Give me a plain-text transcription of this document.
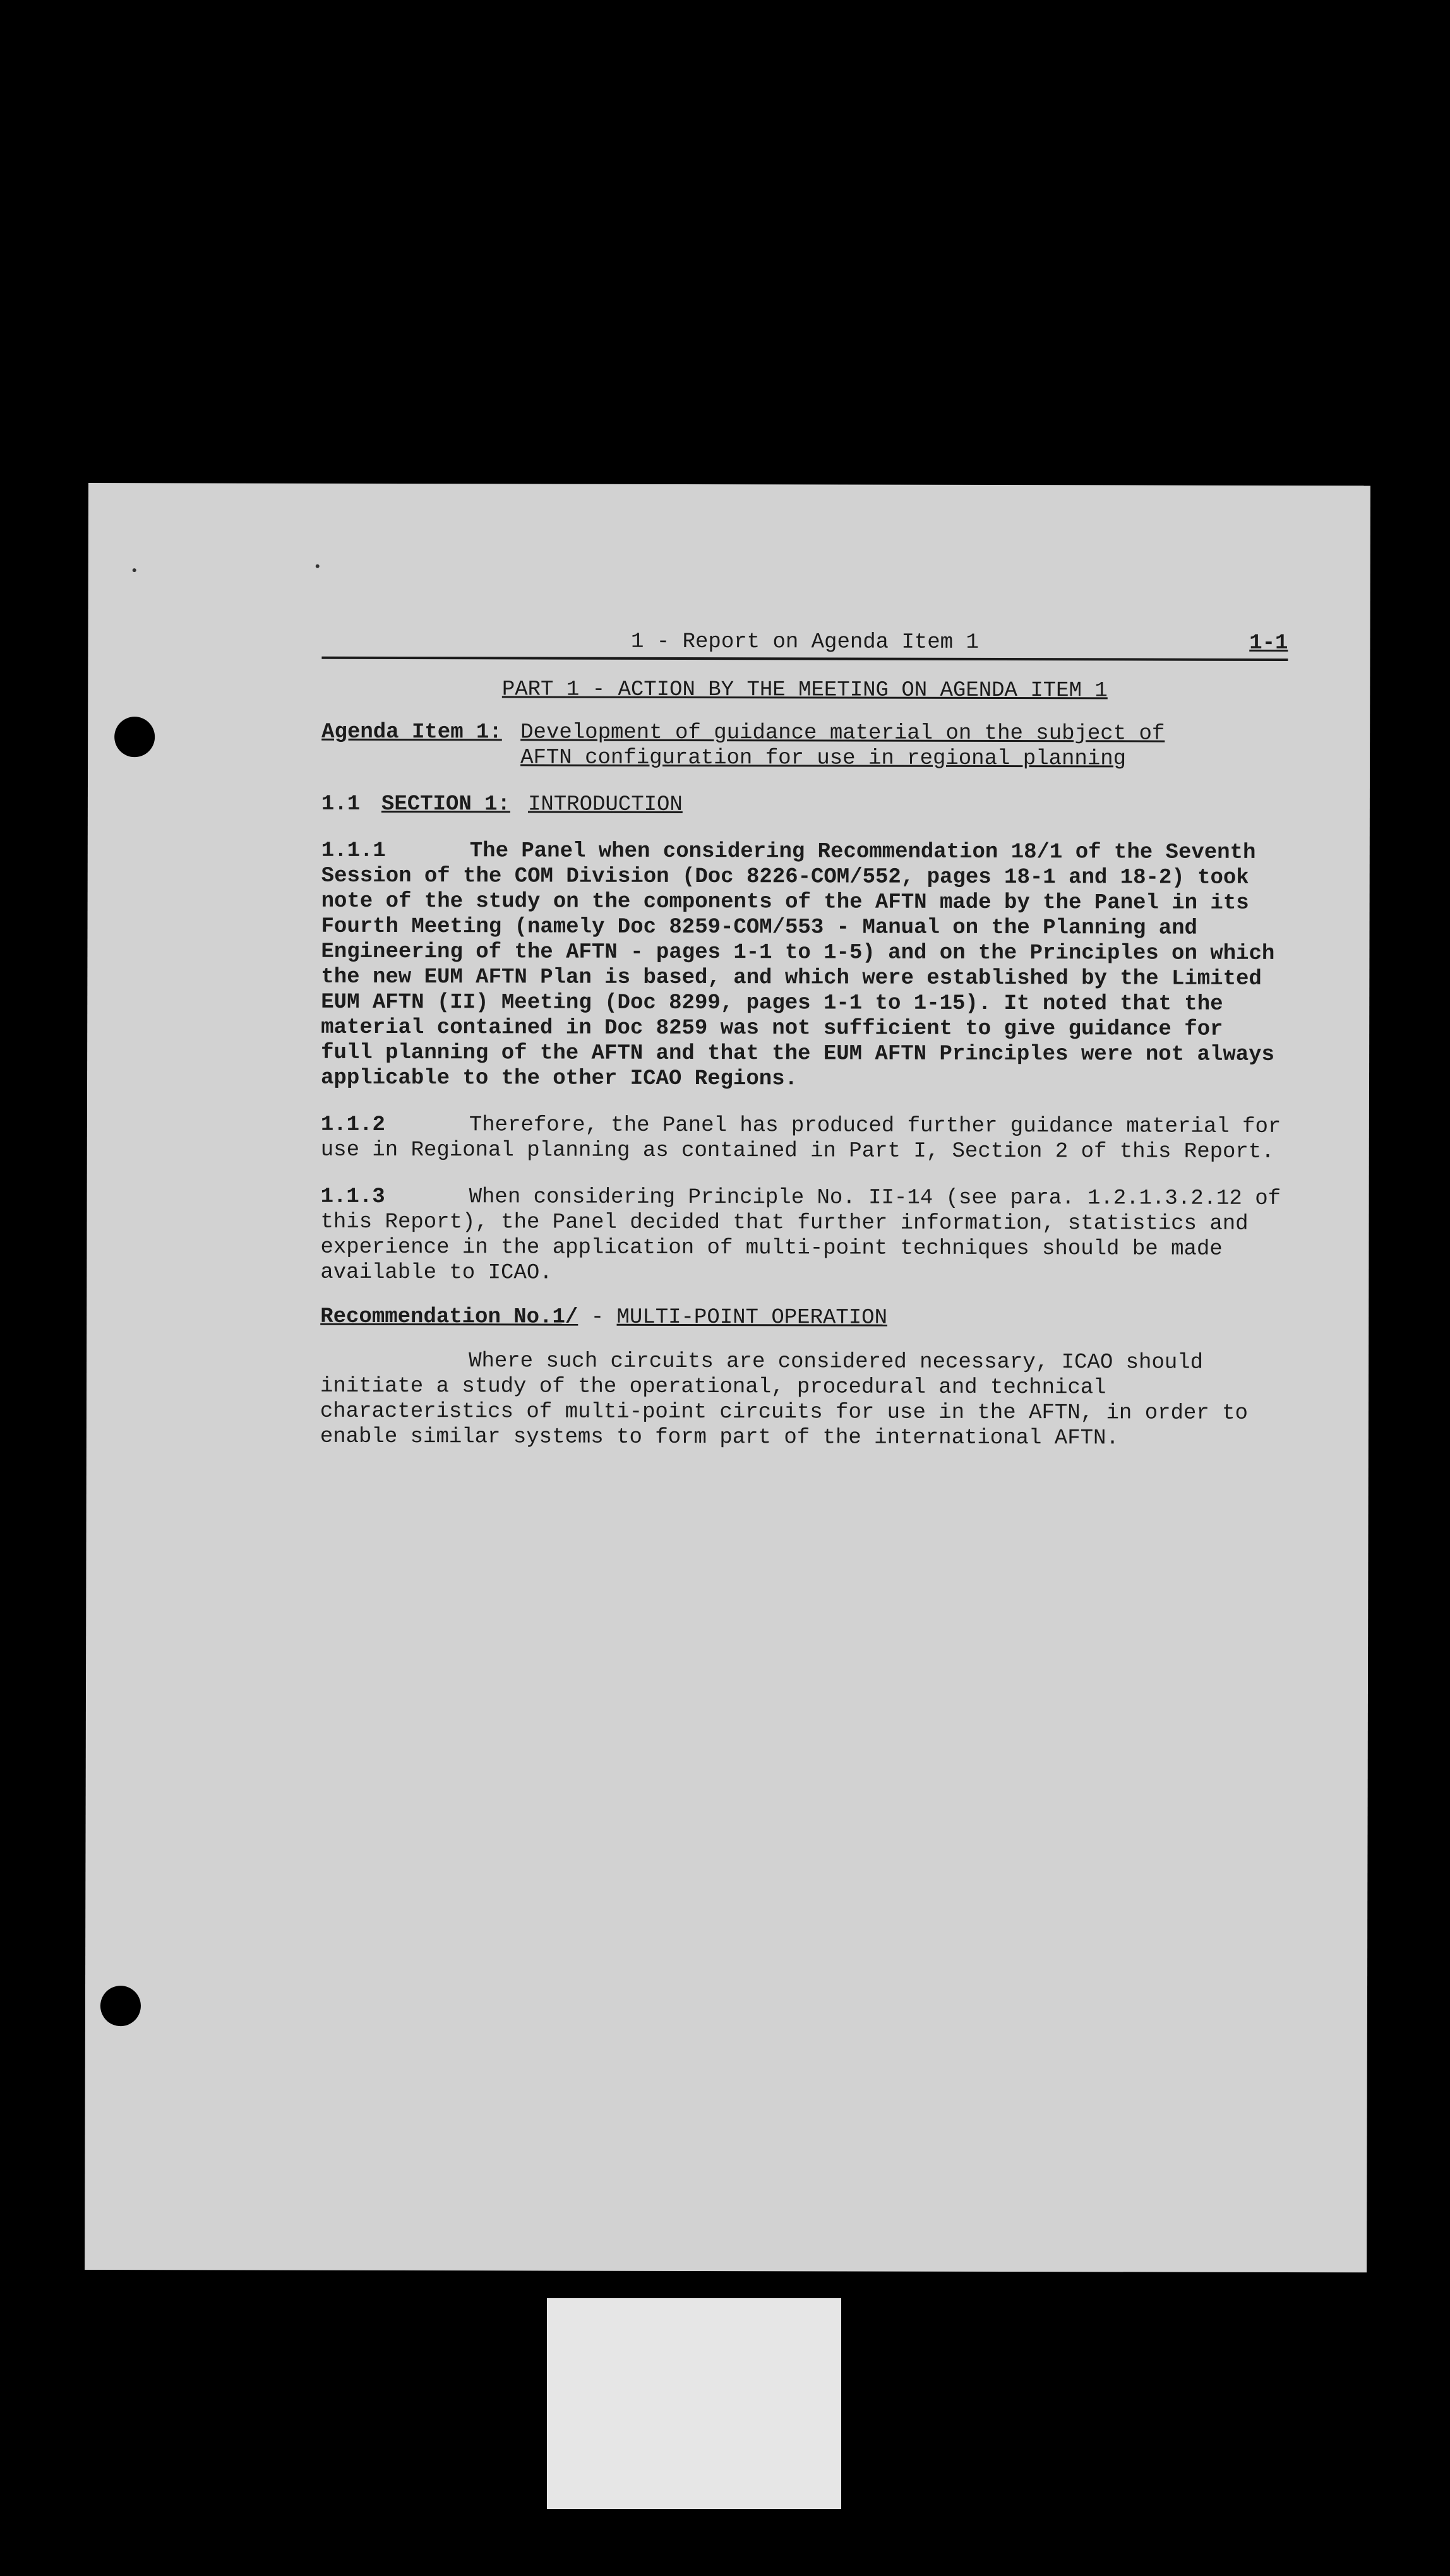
1 - Report on Agenda Item 1	1-1
PART 1 - ACTION BY THE MEETING ON AGENDA ITEM 1
Agenda Item 1: Development of guidance material on the subject of AFTN configuration for use in regional planning
1.1 SECTION 1: INTRODUCTION
1.1.1	The Panel when considering Recommendation 18/1 of the Seventh Session of the COM Division (Doc 8226-COM/552, pages 18-1 and 18-2) took note of the study on the components of the AFTN made by the Panel in its Fourth Meeting (namely Doc 8259-COM/553 - Manual on the Planning and Engineering of the AFTN - pages 1-1 to 1-5) and on the Principles on which the new EUM AFTN Plan is based, and which were established by the Limited EUM AFTN (II) Meeting (Doc 8299, pages 1-1 to 1-15). It noted that the material contained in Doc 8259 was not sufficient to give guidance for full planning of the AFTN and that the EUM AFTN Principles were not always applicable to the other ICAO Regions.
1.1.2	Therefore, the Panel has produced further guidance material for use in Regional planning as contained in Part I, Section 2 of this Report.
1.1.3	When considering Principle No. II-14 (see para. 1.2.1.3.2.12 of this Report), the Panel decided that further information, statistics and experience in the application of multi-point techniques should be made available to ICAO.
Recommendation No.1/ - MULTI-POINT OPERATION
Where such circuits are considered necessary, ICAO should initiate a study of the operational, procedural and technical characteristics of multi-point circuits for use in the AFTN, in order to enable similar systems to form part of the international AFTN.
